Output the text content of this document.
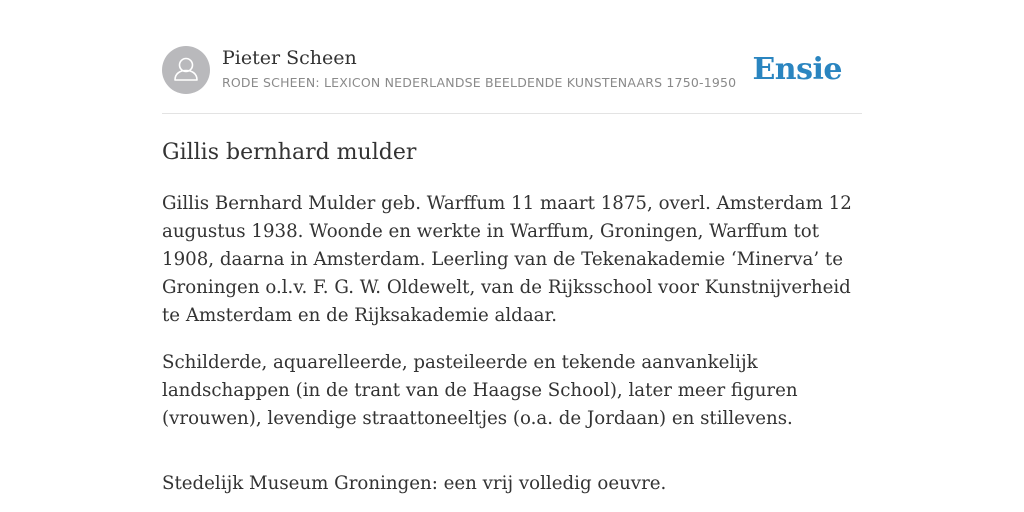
Pieter Scheen
RODE SCHEEN: LEXICON NEDERLANDSE BEELDENDE KUNSTENAARS 1750-1950 Ensie
Gillis bernhard mulder

Gillis Bernhard Mulder geb. Warffum 11 maart 1875, overl. Amsterdam 12 augustus 1938. Woonde en werkte in Warffum, Groningen, Warffum tot 1908, daarna in Amsterdam. Leerling van de Tekenakademie ‘Minerva’ te Groningen o.l.v. F. G. W. Oldewelt, van de Rijksschool voor Kunstnijverheid te Amsterdam en de Rijksakademie aldaar.

Schilderde, aquarelleerde, pasteileerde en tekende aanvankelijk landschappen (in de trant van de Haagse School), later meer figuren (vrouwen), levendige straattoneeltjes (o.a. de Jordaan) en stillevens.

Stedelijk Museum Groningen: een vrij volledig oeuvre.
